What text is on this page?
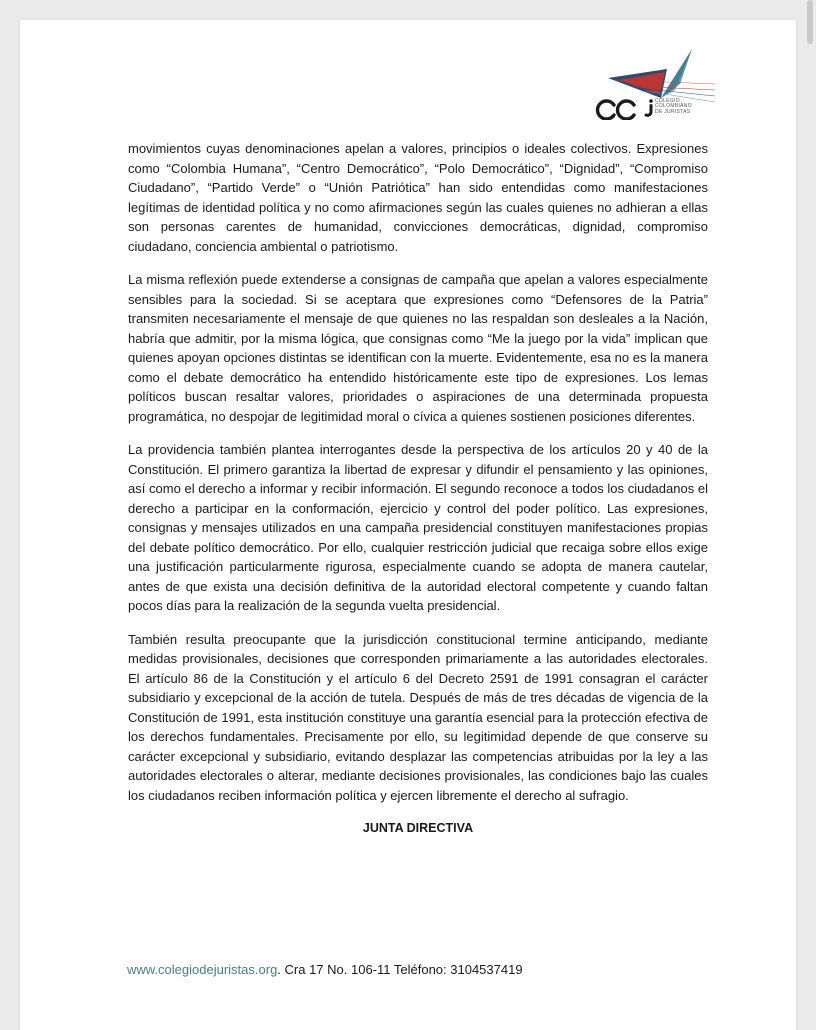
COLEGIO
COLOMBIANO
DE JURISTAS

movimientos cuyas denominaciones apelan a valores, principios o ideales colectivos. Expresiones como “Colombia Humana”, “Centro Democrático”, “Polo Democrático”, “Dignidad”, “Compromiso Ciudadano”, “Partido Verde” o “Unión Patriótica” han sido entendidas como manifestaciones legítimas de identidad política y no como afirmaciones según las cuales quienes no adhieran a ellas son personas carentes de humanidad, convicciones democráticas, dignidad, compromiso ciudadano, conciencia ambiental o patriotismo.

La misma reflexión puede extenderse a consignas de campaña que apelan a valores especialmente sensibles para la sociedad. Si se aceptara que expresiones como “Defensores de la Patria” transmiten necesariamente el mensaje de que quienes no las respaldan son desleales a la Nación, habría que admitir, por la misma lógica, que consignas como “Me la juego por la vida” implican que quienes apoyan opciones distintas se identifican con la muerte. Evidentemente, esa no es la manera como el debate democrático ha entendido históricamente este tipo de expresiones. Los lemas políticos buscan resaltar valores, prioridades o aspiraciones de una determinada propuesta programática, no despojar de legitimidad moral o cívica a quienes sostienen posiciones diferentes.

La providencia también plantea interrogantes desde la perspectiva de los artículos 20 y 40 de la Constitución. El primero garantiza la libertad de expresar y difundir el pensamiento y las opiniones, así como el derecho a informar y recibir información. El segundo reconoce a todos los ciudadanos el derecho a participar en la conformación, ejercicio y control del poder político. Las expresiones, consignas y mensajes utilizados en una campaña presidencial constituyen manifestaciones propias del debate político democrático. Por ello, cualquier restricción judicial que recaiga sobre ellos exige una justificación particularmente rigurosa, especialmente cuando se adopta de manera cautelar, antes de que exista una decisión definitiva de la autoridad electoral competente y cuando faltan pocos días para la realización de la segunda vuelta presidencial.

También resulta preocupante que la jurisdicción constitucional termine anticipando, mediante medidas provisionales, decisiones que corresponden primariamente a las autoridades electorales. El artículo 86 de la Constitución y el artículo 6 del Decreto 2591 de 1991 consagran el carácter subsidiario y excepcional de la acción de tutela. Después de más de tres décadas de vigencia de la Constitución de 1991, esta institución constituye una garantía esencial para la protección efectiva de los derechos fundamentales. Precisamente por ello, su legitimidad depende de que conserve su carácter excepcional y subsidiario, evitando desplazar las competencias atribuidas por la ley a las autoridades electorales o alterar, mediante decisiones provisionales, las condiciones bajo las cuales los ciudadanos reciben información política y ejercen libremente el derecho al sufragio.

JUNTA DIRECTIVA
www.colegiodejuristas.org. Cra 17 No. 106-11 Teléfono: 3104537419
